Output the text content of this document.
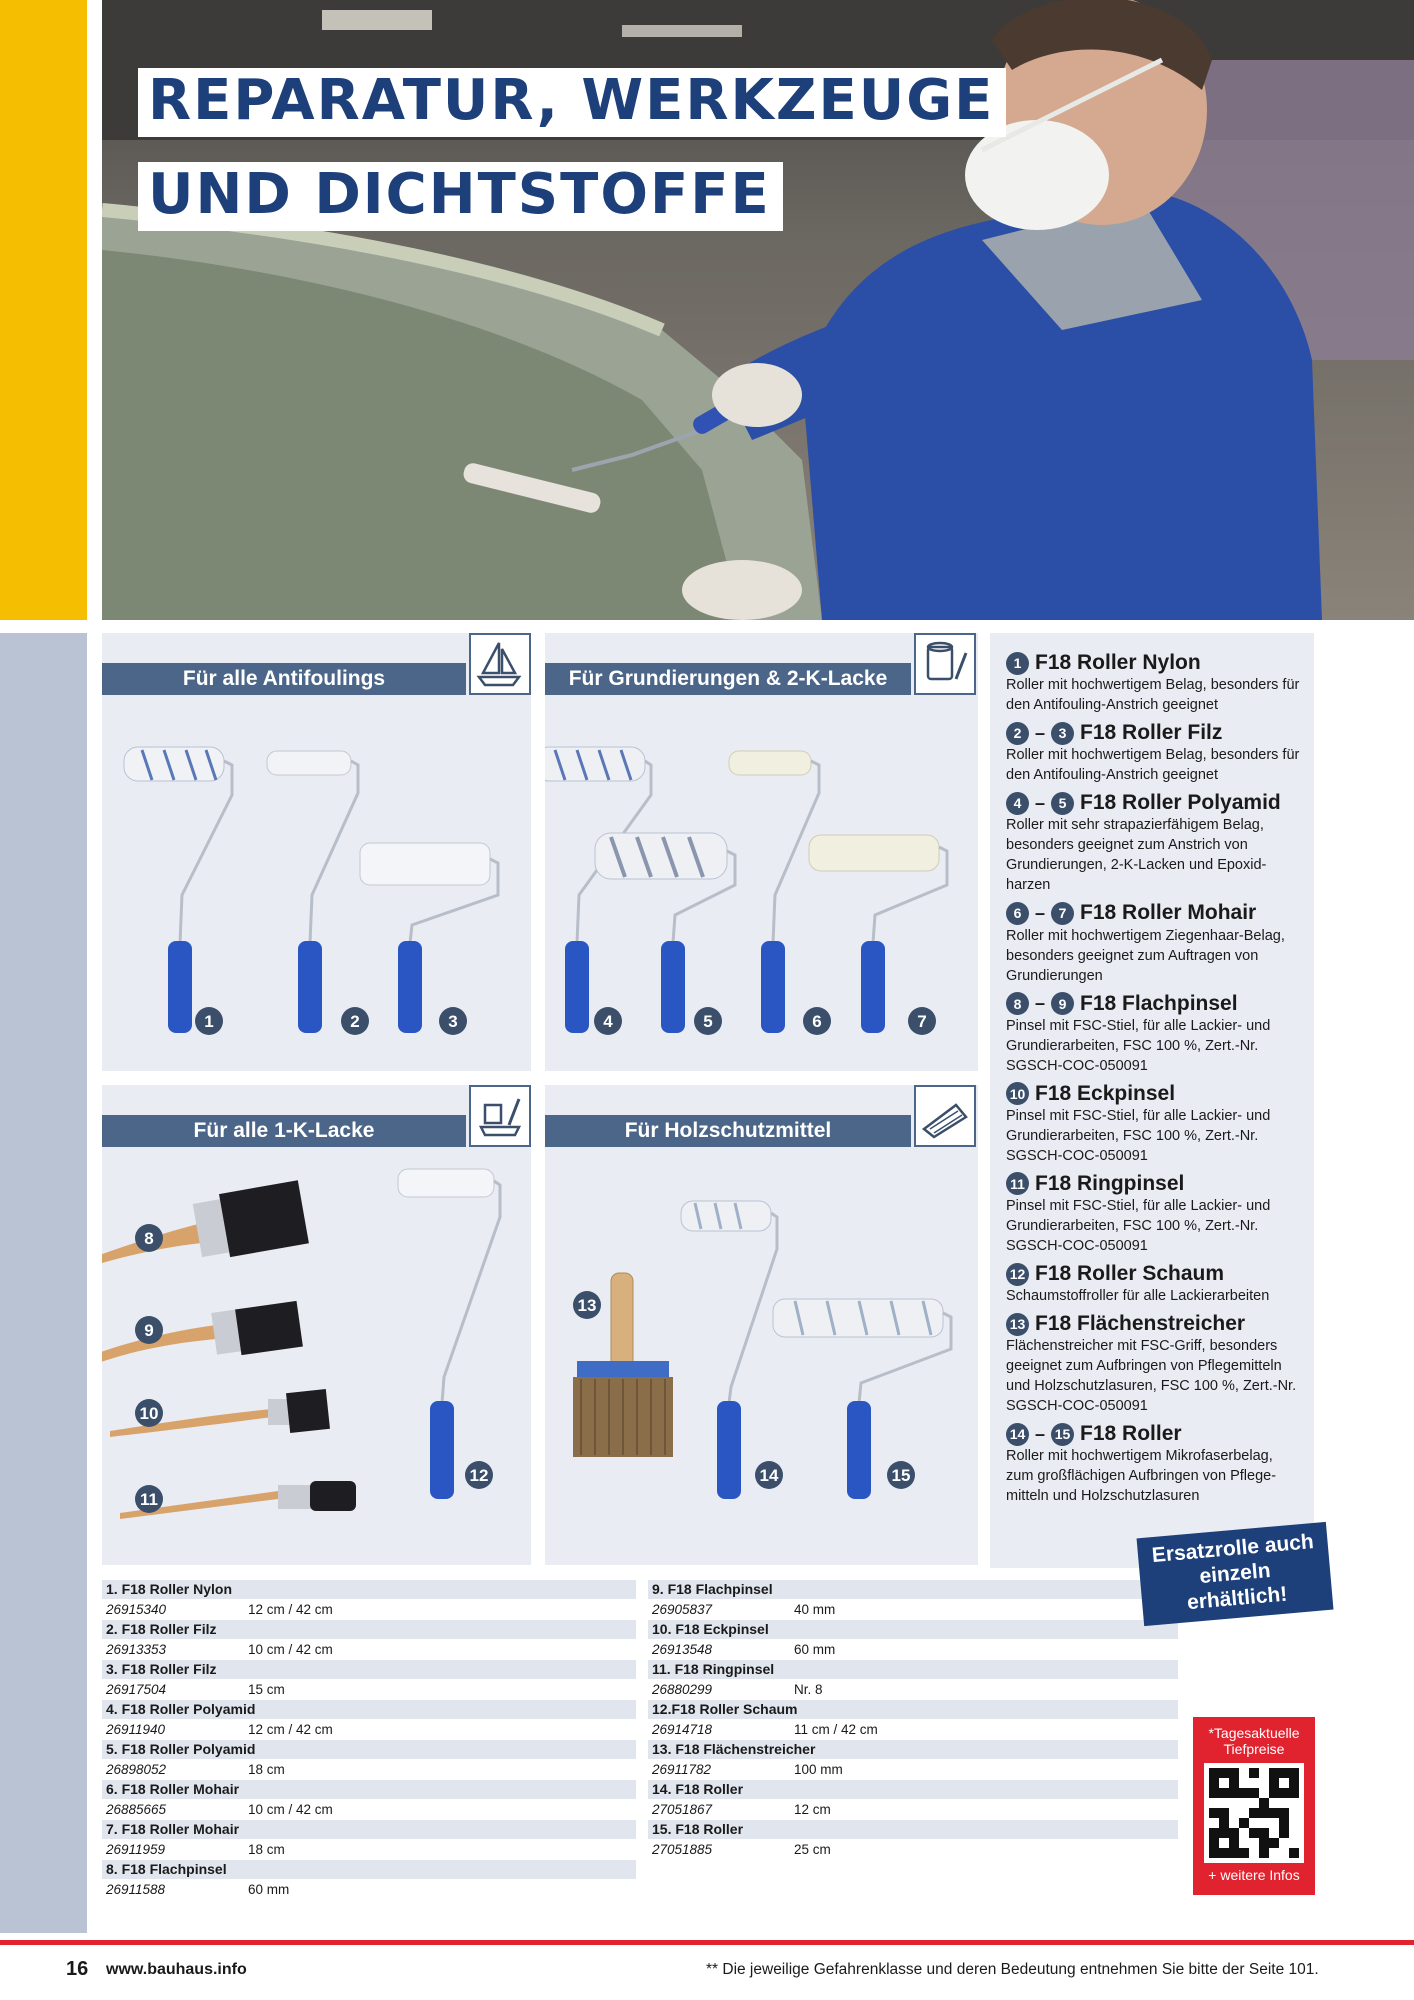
REPARATUR, WERKZEUGE
UND DICHTSTOFFE
Für alle Antifoulings
1	2	3
Für Grundierungen & 2-K-Lacke
4	5	6	7
Für alle 1-K-Lacke
8
9
10
11
12
Für Holzschutzmittel
13
14	15
1 F18 Roller Nylon
Roller mit hochwertigem Belag, besonders für den Antifouling-Anstrich geeignet
2 – 3 F18 Roller Filz
Roller mit hochwertigem Belag, besonders für den Antifouling-Anstrich geeignet
4 – 5 F18 Roller Polyamid
Roller mit sehr strapazierfähigem Belag, besonders geeignet zum Anstrich von Grundierungen, 2-K-Lacken und Epoxid-harzen
6 – 7 F18 Roller Mohair
Roller mit hochwertigem Ziegenhaar-Belag, besonders geeignet zum Auftragen von Grundierungen
8 – 9 F18 Flachpinsel
Pinsel mit FSC-Stiel, für alle Lackier- und Grundierarbeiten, FSC 100 %, Zert.-Nr. SGSCH-COC-050091
10 F18 Eckpinsel
Pinsel mit FSC-Stiel, für alle Lackier- und Grundierarbeiten, FSC 100 %, Zert.-Nr. SGSCH-COC-050091
11 F18 Ringpinsel
Pinsel mit FSC-Stiel, für alle Lackier- und Grundierarbeiten, FSC 100 %, Zert.-Nr. SGSCH-COC-050091
12 F18 Roller Schaum
Schaumstoffroller für alle Lackierarbeiten
13 F18 Flächenstreicher
Flächenstreicher mit FSC-Griff, besonders geeignet zum Aufbringen von Pflegemitteln und Holzschutzlasuren, FSC 100 %, Zert.-Nr. SGSCH-COC-050091
14 – 15 F18 Roller
Roller mit hochwertigem Mikrofaserbelag, zum großflächigen Aufbringen von Pflege-mitteln und Holzschutzlasuren
1. F18 Roller Nylon
26915340	12 cm / 42 cm
2. F18 Roller Filz
26913353	10 cm / 42 cm
3. F18 Roller Filz
26917504	15 cm
4. F18 Roller Polyamid
26911940	12 cm / 42 cm
5. F18 Roller Polyamid
26898052	18 cm
6. F18 Roller Mohair
26885665	10 cm / 42 cm
7. F18 Roller Mohair
26911959	18 cm
8. F18 Flachpinsel
26911588	60 mm
9. F18 Flachpinsel
26905837	40 mm
10. F18 Eckpinsel
26913548	60 mm
11. F18 Ringpinsel
26880299	Nr. 8
12.F18 Roller Schaum
26914718	11 cm / 42 cm
13. F18 Flächenstreicher
26911782	100 mm
14. F18 Roller
27051867	12 cm
15. F18 Roller
27051885	25 cm
Ersatzrolle auch einzeln erhältlich!
*Tagesaktuelle Tiefpreise
+ weitere Infos
16 www.bauhaus.info	** Die jeweilige Gefahrenklasse und deren Bedeutung entnehmen Sie bitte der Seite 101.
